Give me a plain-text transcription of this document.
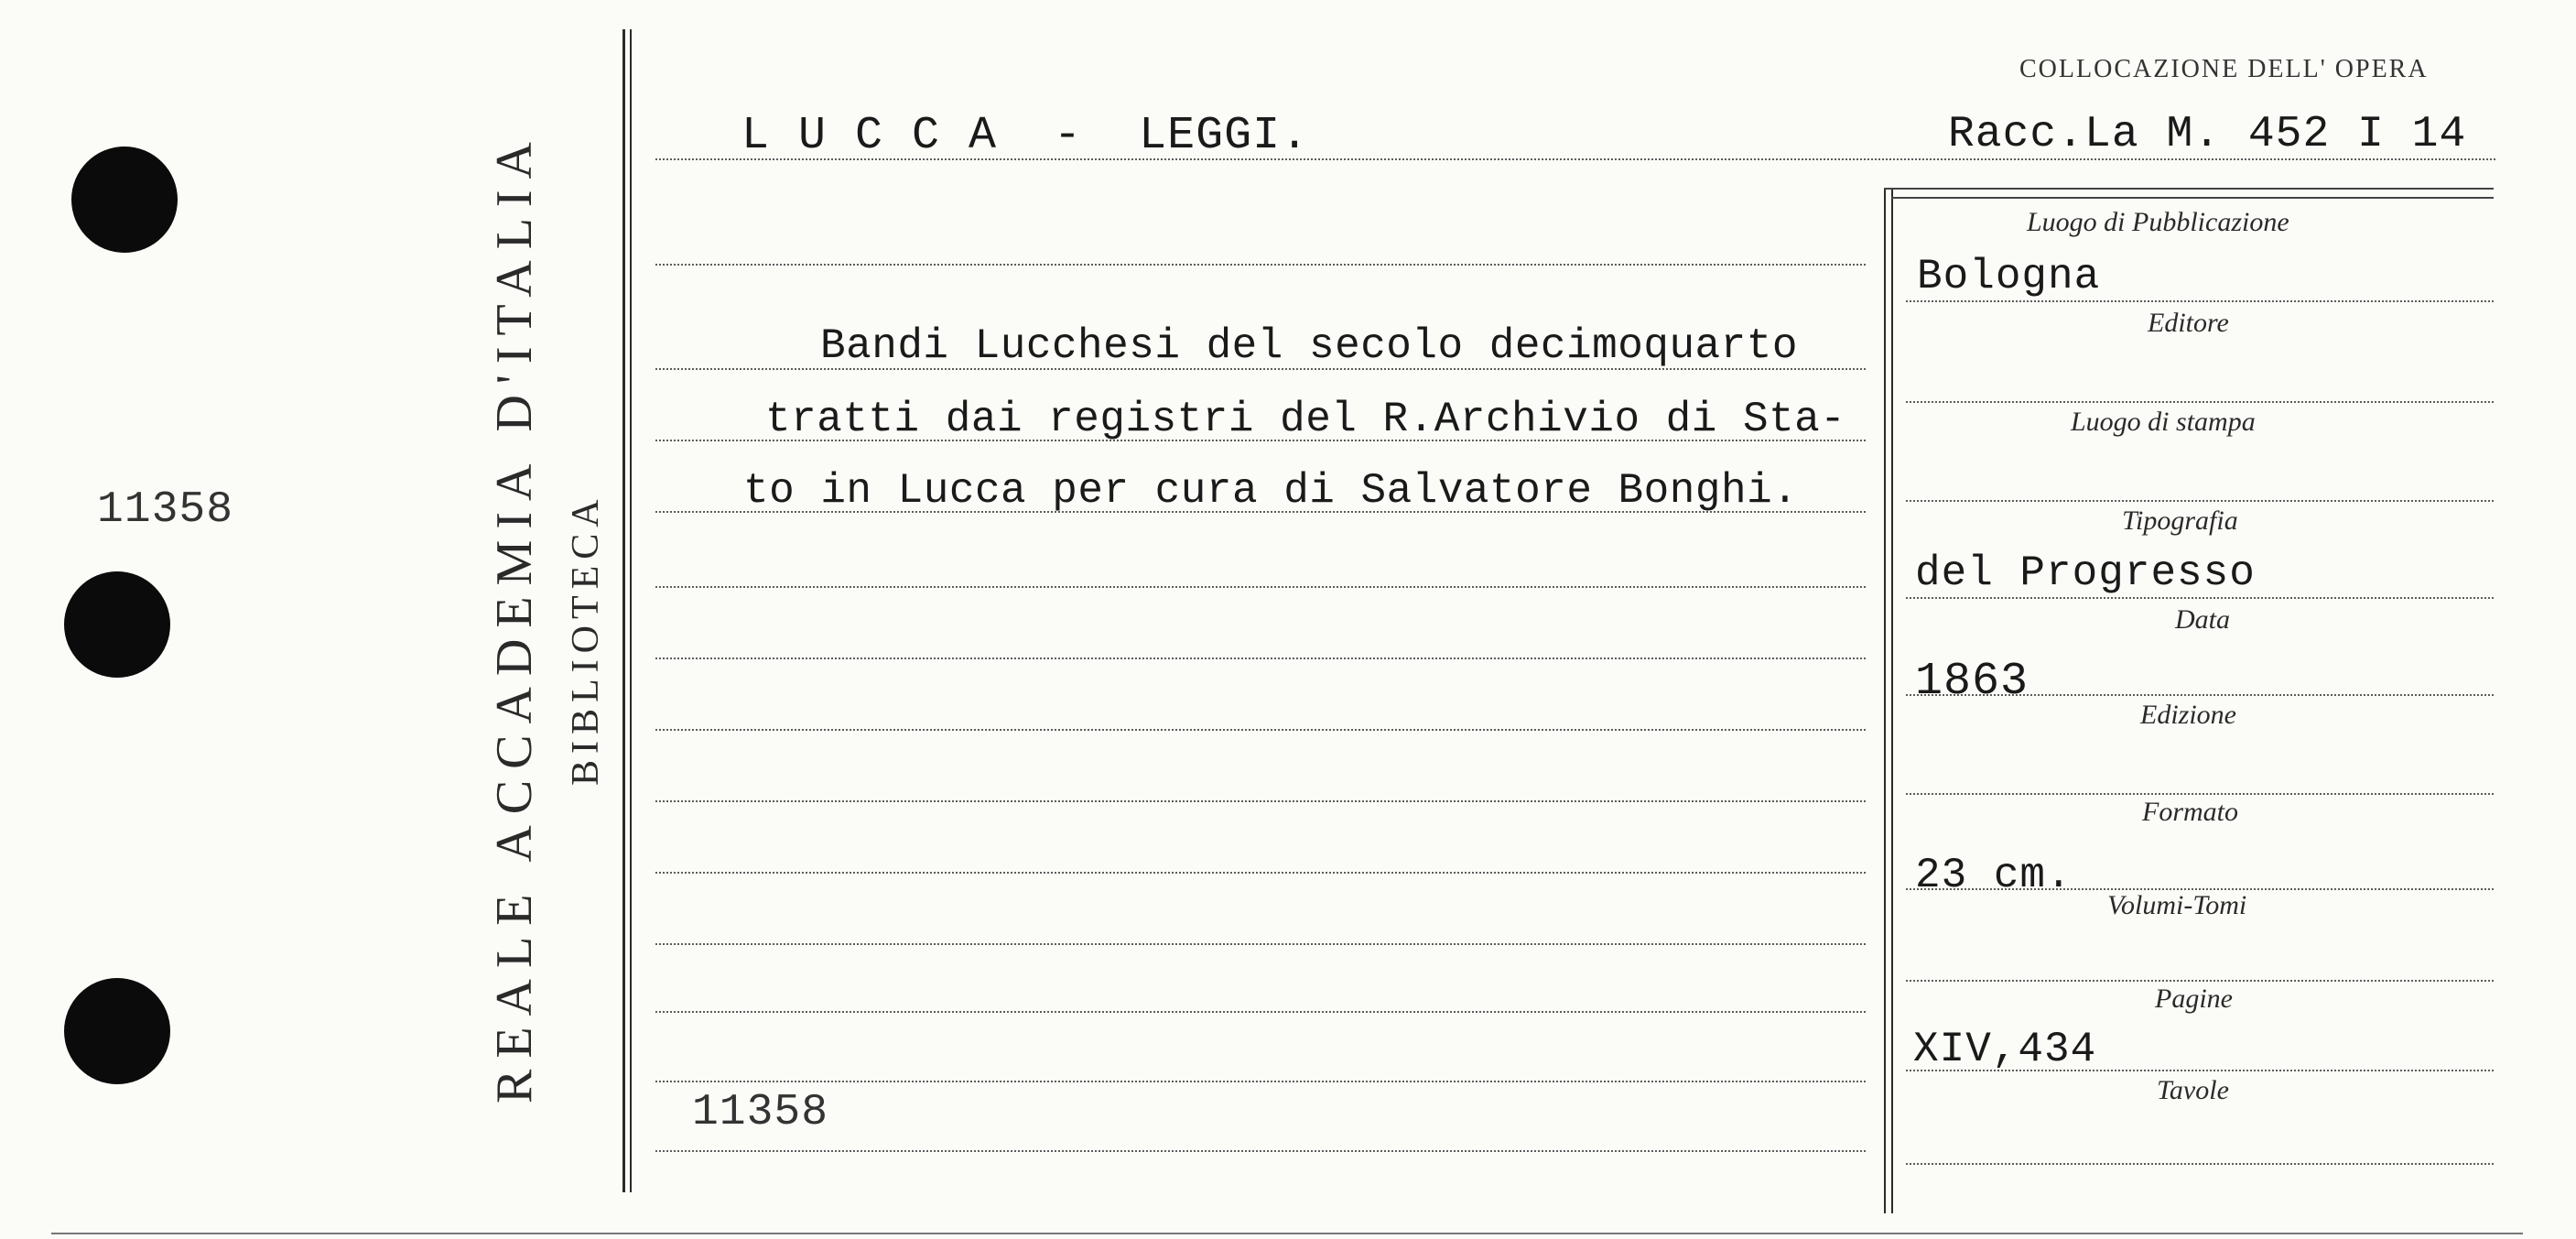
11358	REALE ACCADEMIA D'ITALIA BIBLIOTECA
COLLOCAZIONE DELL' OPERA
Racc.La M. 452 I 14
L U C C A  -  LEGGI.
Bandi Lucchesi del secolo decimoquarto
tratti dai registri del R.Archivio di Sta-
to in Lucca per cura di Salvatore Bonghi.
11358
Luogo di Pubblicazione
Bologna
Editore
Luogo di stampa
Tipografia
del Progresso
Data
1863
Edizione
Formato
23 cm.
Volumi-Tomi
Pagine
XIV,434
Tavole
